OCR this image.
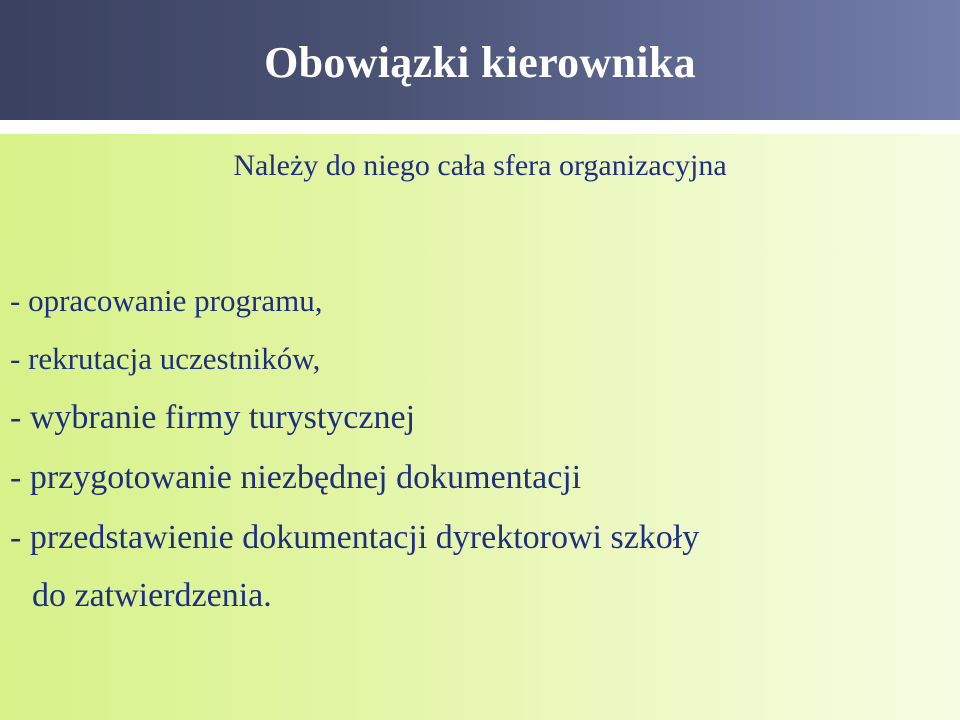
Obowiązki kierownika
Należy do niego cała sfera organizacyjna
- opracowanie programu,
- rekrutacja uczestników,
- wybranie firmy turystycznej
- przygotowanie niezbędnej dokumentacji
- przedstawienie dokumentacji dyrektorowi szkoły
do zatwierdzenia.
